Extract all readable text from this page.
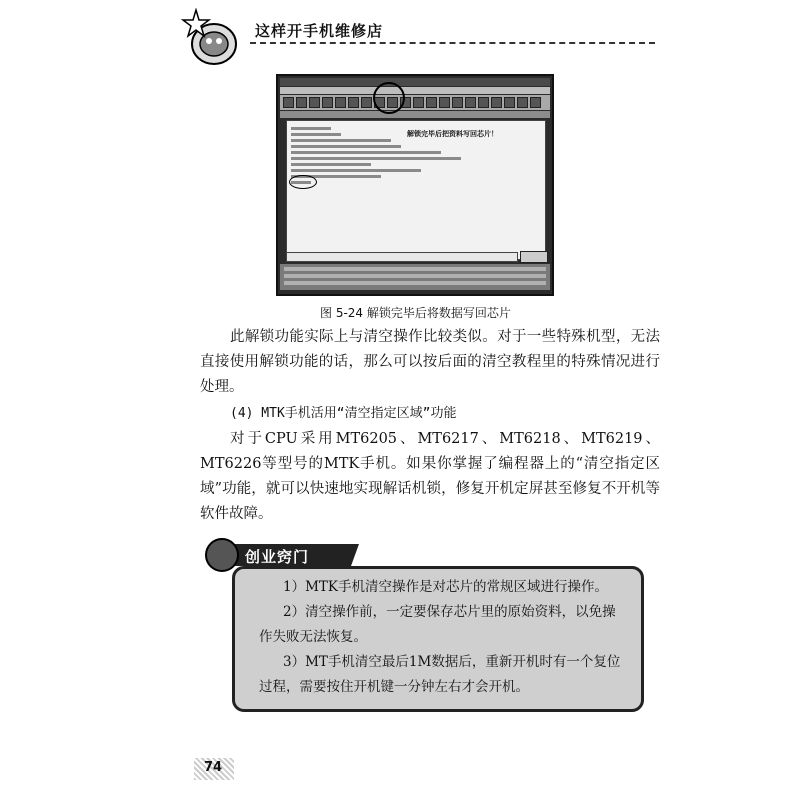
这样开手机维修店
解锁完毕后把资料写回芯片！
图 5-24 解锁完毕后将数据写回芯片
此解锁功能实际上与清空操作比较类似。对于一些特殊机型，无法直接使用解锁功能的话，那么可以按后面的清空教程里的特殊情况进行处理。
(4) MTK手机活用“清空指定区域”功能
对于CPU采用MT6205、MT6217、MT6218、MT6219、MT6226等型号的MTK手机。如果你掌握了编程器上的“清空指定区域”功能，就可以快速地实现解话机锁，修复开机定屏甚至修复不开机等软件故障。
创业窍门
1）MTK手机清空操作是对芯片的常规区域进行操作。
2）清空操作前，一定要保存芯片里的原始资料，以免操作失败无法恢复。
3）MT手机清空最后1M数据后，重新开机时有一个复位过程，需要按住开机键一分钟左右才会开机。
74
